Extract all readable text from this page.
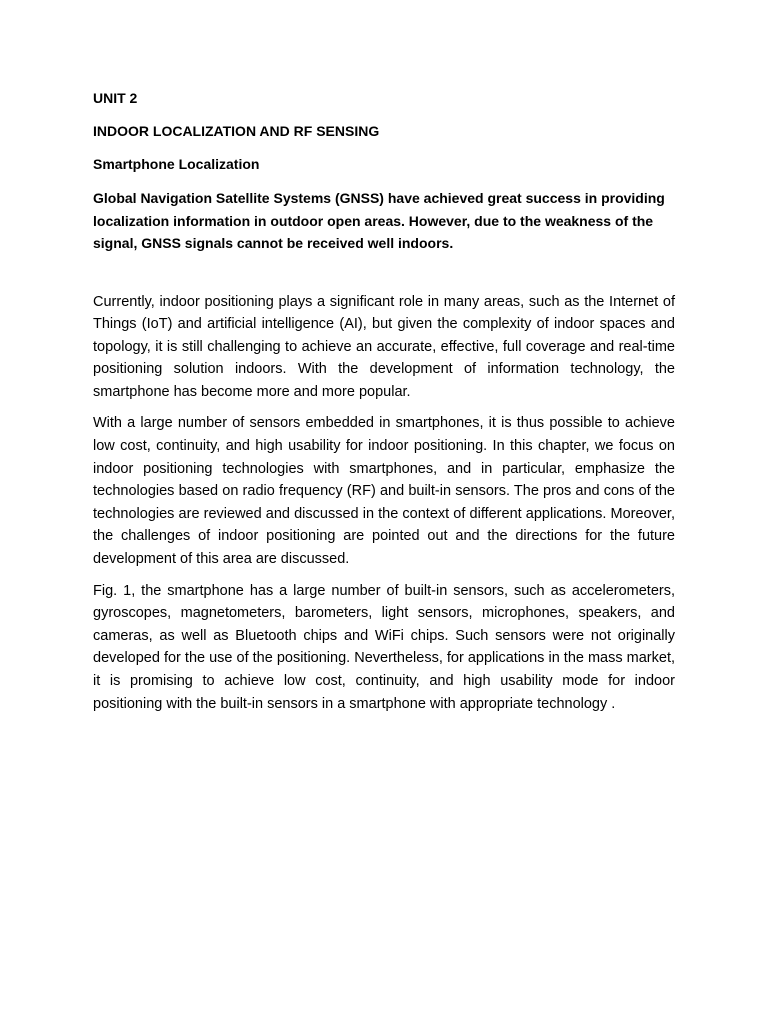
UNIT 2
INDOOR LOCALIZATION AND RF SENSING
Smartphone Localization

Global Navigation Satellite Systems (GNSS) have achieved great success in providing localization information in outdoor open areas. However, due to the weakness of the signal, GNSS signals cannot be received well indoors.

Currently, indoor positioning plays a significant role in many areas, such as the Internet of Things (IoT) and artificial intelligence (AI), but given the complexity of indoor spaces and topology, it is still challenging to achieve an accurate, effective, full coverage and real-time positioning solution indoors. With the development of information technology, the smartphone has become more and more popular.

With a large number of sensors embedded in smartphones, it is thus possible to achieve low cost, continuity, and high usability for indoor positioning. In this chapter, we focus on indoor positioning technologies with smartphones, and in particular, emphasize the technologies based on radio frequency (RF) and built-in sensors. The pros and cons of the technologies are reviewed and discussed in the context of different applications. Moreover, the challenges of indoor positioning are pointed out and the directions for the future development of this area are discussed.

Fig. 1, the smartphone has a large number of built-in sensors, such as accelerometers, gyroscopes, magnetometers, barometers, light sensors, microphones, speakers, and cameras, as well as Bluetooth chips and WiFi chips. Such sensors were not originally developed for the use of the positioning. Nevertheless, for applications in the mass market, it is promising to achieve low cost, continuity, and high usability mode for indoor positioning with the built-in sensors in a smartphone with appropriate technology .
